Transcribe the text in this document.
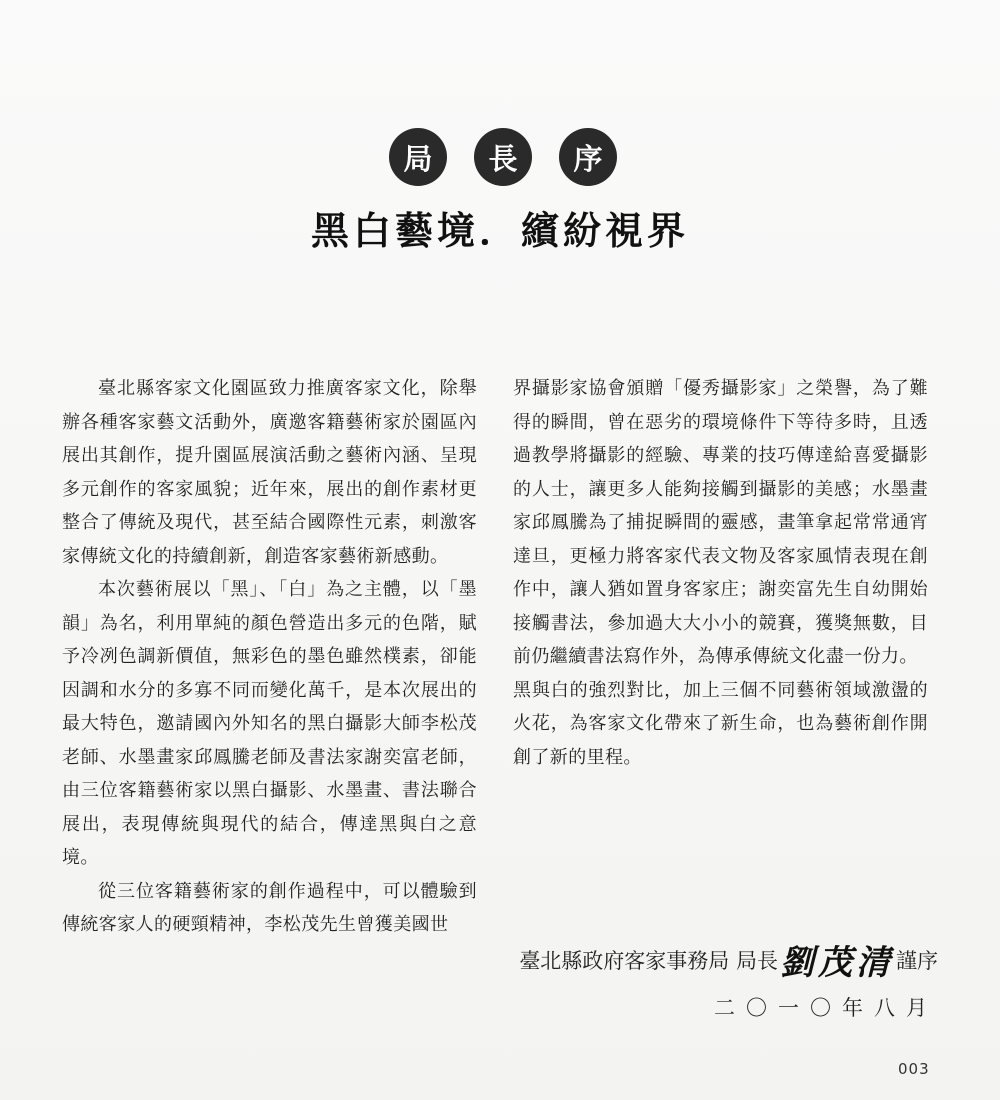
局	長	序
黑白藝境．繽紛視界

臺北縣客家文化園區致力推廣客家文化，除舉辦各種客家藝文活動外，廣邀客籍藝術家於園區內展出其創作，提升園區展演活動之藝術內涵、呈現多元創作的客家風貌；近年來，展出的創作素材更整合了傳統及現代，甚至結合國際性元素，刺激客家傳統文化的持續創新，創造客家藝術新感動。

本次藝術展以「黑」、「白」為之主體，以「墨韻」為名，利用單純的顏色營造出多元的色階，賦予冷冽色調新價值，無彩色的墨色雖然樸素，卻能因調和水分的多寡不同而變化萬千，是本次展出的最大特色，邀請國內外知名的黑白攝影大師李松茂老師、水墨畫家邱鳳騰老師及書法家謝奕富老師，由三位客籍藝術家以黑白攝影、水墨畫、書法聯合展出，表現傳統與現代的結合，傳達黑與白之意境。

從三位客籍藝術家的創作過程中，可以體驗到傳統客家人的硬頸精神，李松茂先生曾獲美國世

界攝影家協會頒贈「優秀攝影家」之榮譽，為了難得的瞬間，曾在惡劣的環境條件下等待多時，且透過教學將攝影的經驗、專業的技巧傳達給喜愛攝影的人士，讓更多人能夠接觸到攝影的美感；水墨畫家邱鳳騰為了捕捉瞬間的靈感，畫筆拿起常常通宵達旦，更極力將客家代表文物及客家風情表現在創作中，讓人猶如置身客家庄；謝奕富先生自幼開始接觸書法，參加過大大小小的競賽，獲獎無數，目前仍繼續書法寫作外，為傳承傳統文化盡一份力。

黑與白的強烈對比，加上三個不同藝術領域激盪的火花，為客家文化帶來了新生命，也為藝術創作開創了新的里程。

臺北縣政府客家事務局 局長 劉茂清 謹序
二〇一〇年八月
003
